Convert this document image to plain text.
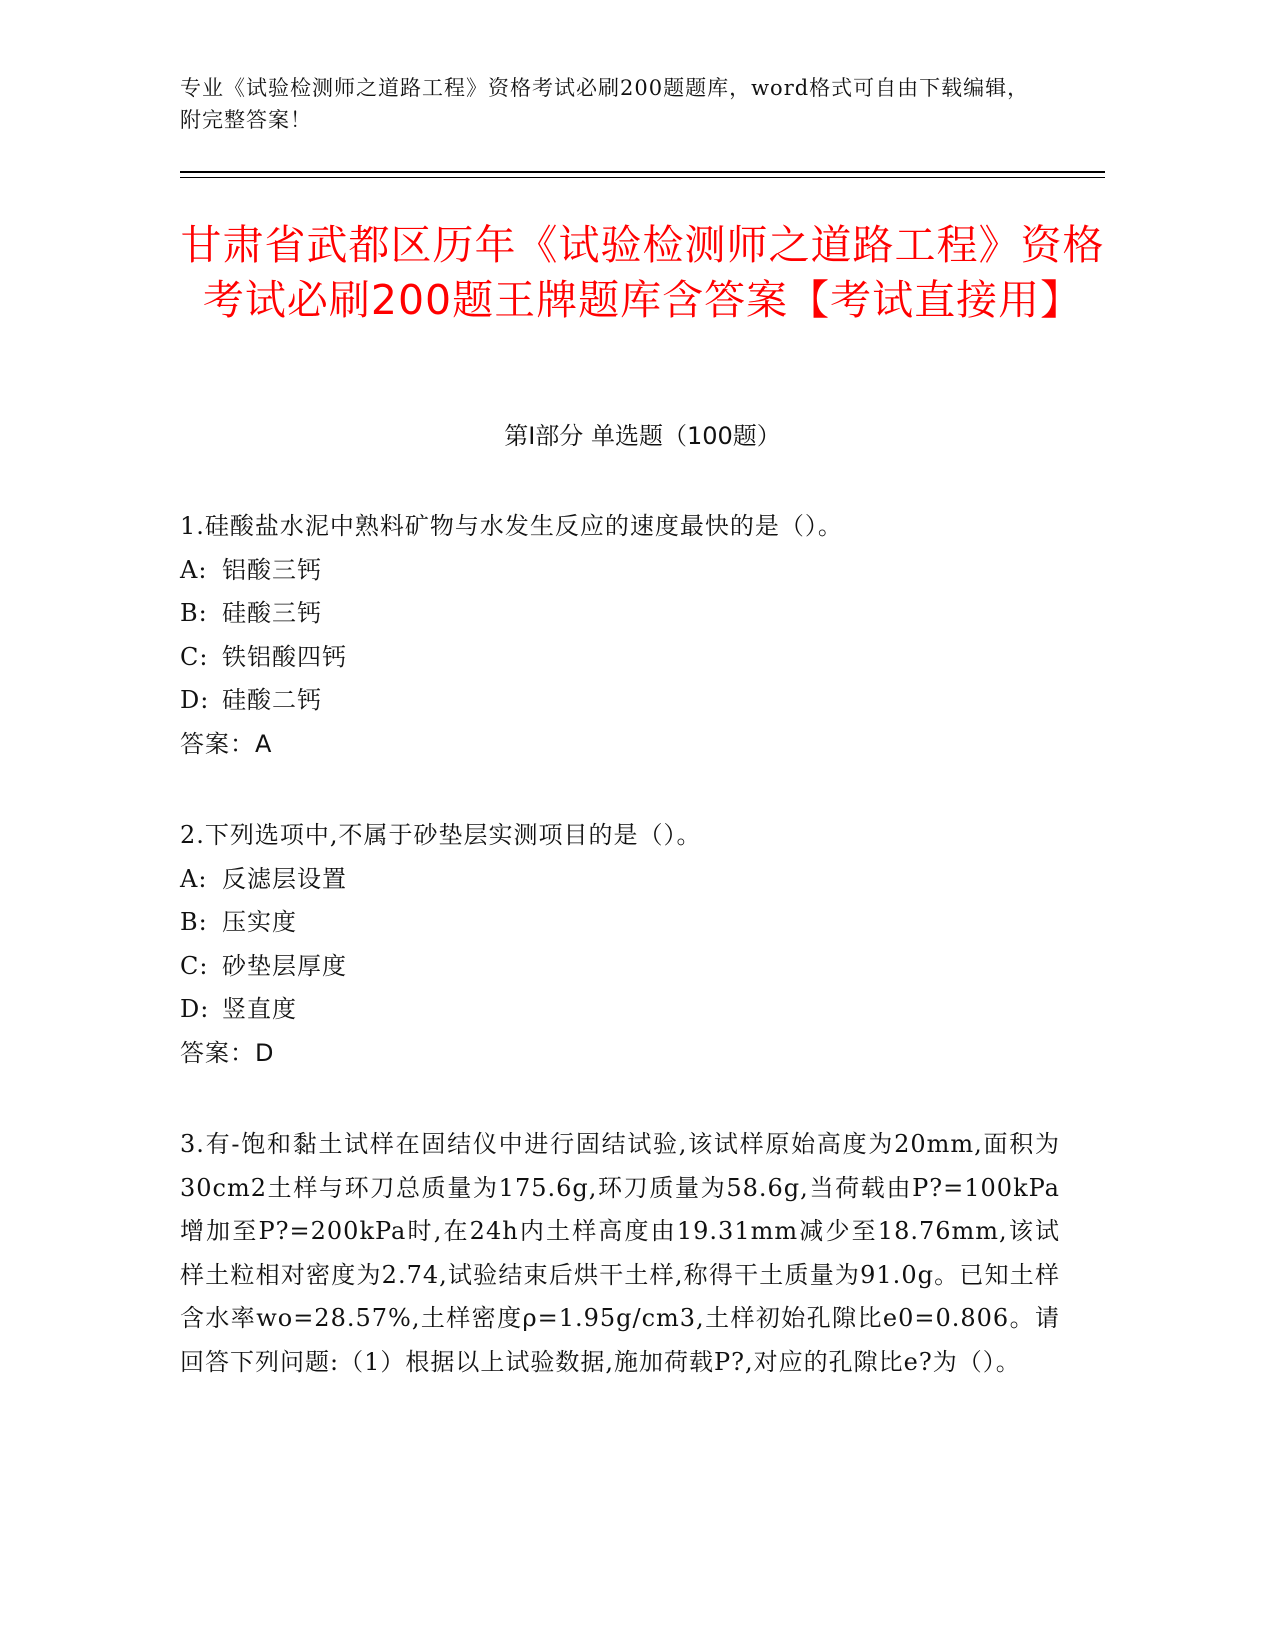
专业《试验检测师之道路工程》资格考试必刷200题题库，word格式可自由下载编辑，附完整答案！
甘肃省武都区历年《试验检测师之道路工程》资格考试必刷200题王牌题库含答案【考试直接用】
第Ⅰ部分 单选题（100题）
1.硅酸盐水泥中熟料矿物与水发生反应的速度最快的是（）。
A: 铝酸三钙
B: 硅酸三钙
C: 铁铝酸四钙
D: 硅酸二钙
答案：A
2.下列选项中,不属于砂垫层实测项目的是（）。
A: 反滤层设置
B: 压实度
C: 砂垫层厚度
D: 竖直度
答案：D
3.有-饱和黏土试样在固结仪中进行固结试验,该试样原始高度为20mm,面积为30cm2土样与环刀总质量为175.6g,环刀质量为58.6g,当荷载由P?=100kPa增加至P?=200kPa时,在24h内土样高度由19.31mm减少至18.76mm,该试样土粒相对密度为2.74,试验结束后烘干土样,称得干土质量为91.0g。已知土样含水率wo=28.57%,土样密度ρ=1.95g/cm3,土样初始孔隙比e0=0.806。请回答下列问题:（1）根据以上试验数据,施加荷载P?,对应的孔隙比e?为（）。
